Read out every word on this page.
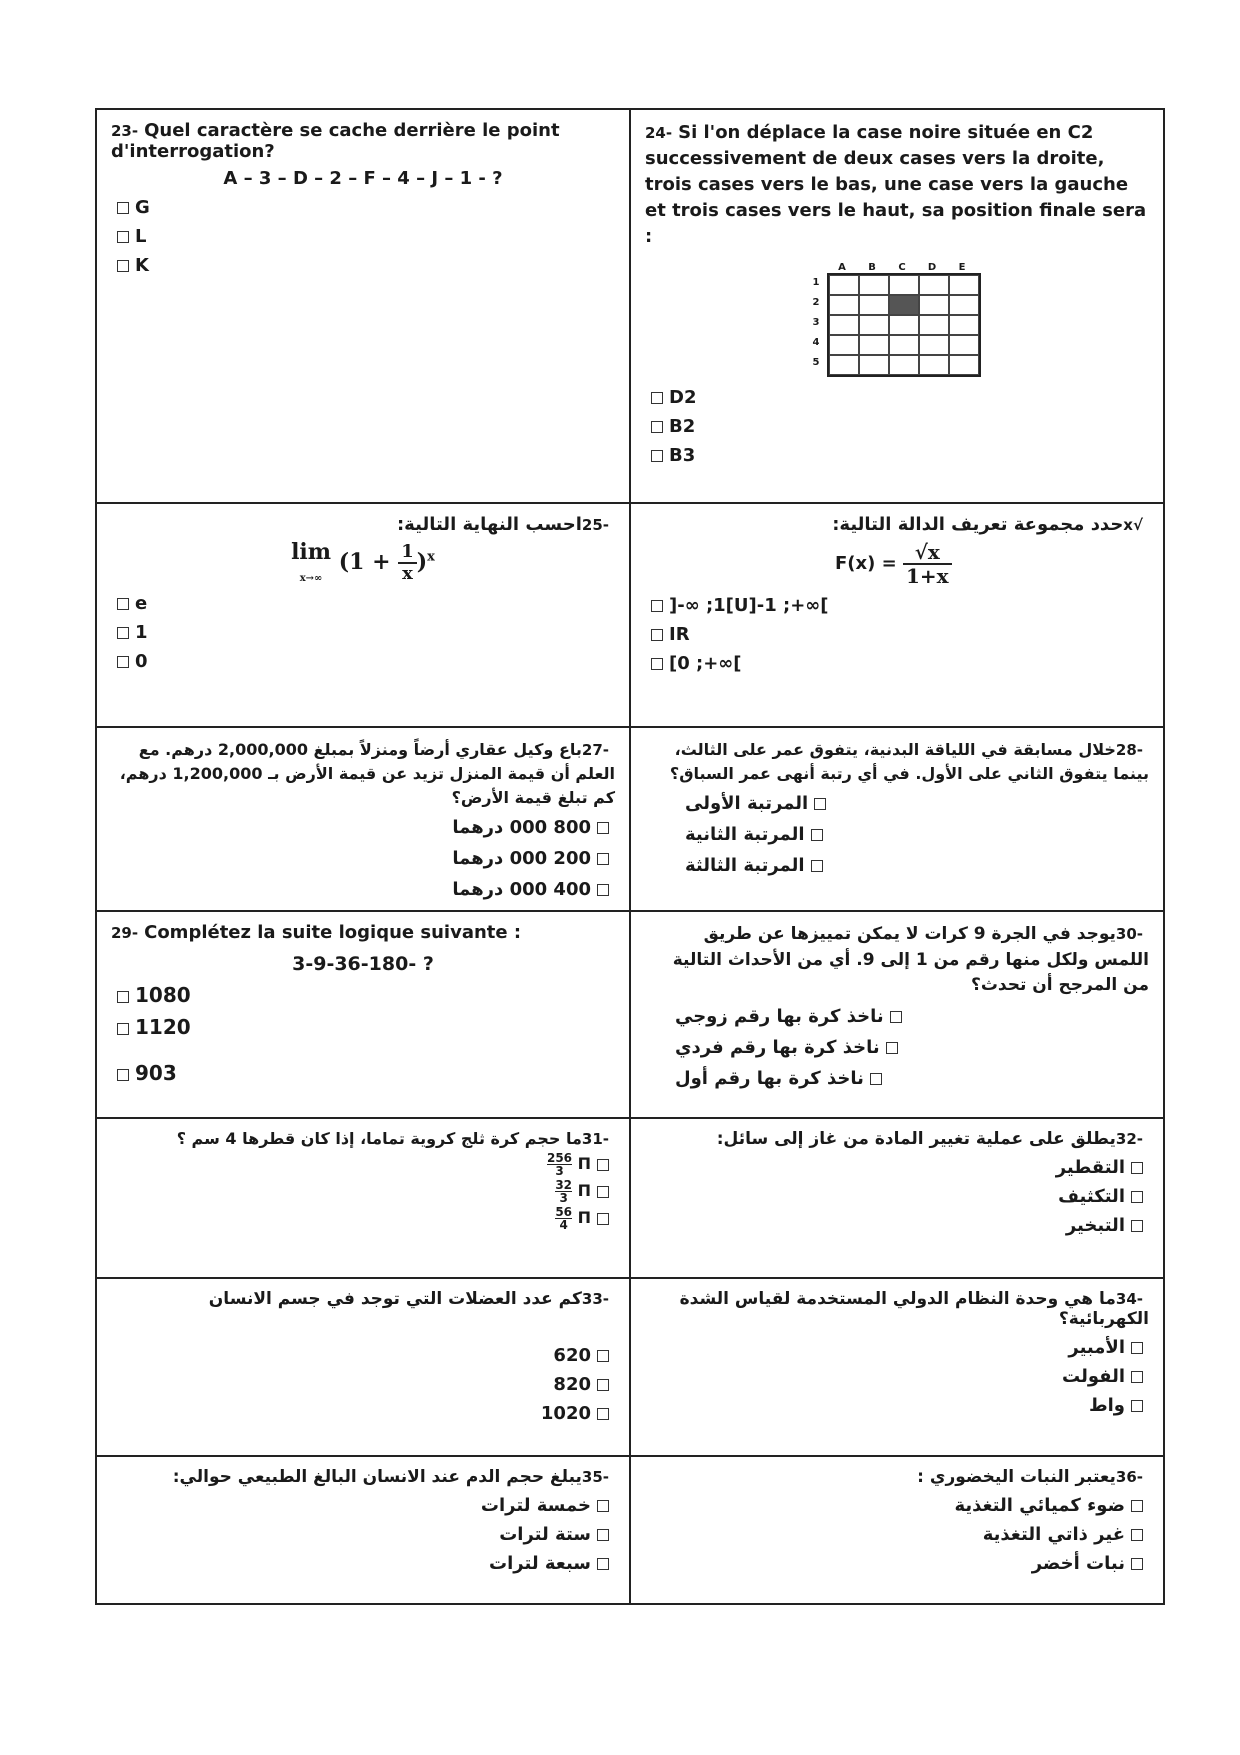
23- Quel caractère se cache derrière le point d'interrogation?
A – 3 – D – 2 – F – 4 – J – 1 - ?
G
L
K
24- Si l'on déplace la case noire située en C2 successivement de deux cases vers la droite, trois cases vers le bas, une case vers la gauche et trois cases vers le haut, sa position finale sera :
A	B	C	D	E
1
2
3
4
5
D2
B2
B3
-25احسب النهاية التالية:
lim
x→∞ $(1 + \frac{1}{x} )^x$
e
1
0
√xحدد مجموعة تعريف الدالة التالية:
$F(x) = \frac{√x}{1+x}$
]-∞ ;1[U]-1 ;+∞[
IR
[0 ;+∞[
-27باع وكيل عقاري أرضاً ومنزلاً بمبلغ 2,000,000 درهم. مع العلم أن قيمة المنزل تزيد عن قيمة الأرض بـ 1,200,000 درهم، كم تبلغ قيمة الأرض؟
800 000 درهما
200 000 درهما
400 000 درهما
-28خلال مسابقة في اللياقة البدنية، يتفوق عمر على الثالث، بينما يتفوق الثاني على الأول. في أي رتبة أنهى عمر السباق؟
المرتبة الأولى
المرتبة الثانية
المرتبة الثالثة
29- Complétez la suite logique suivante :
3-9-36-180- ?
1080
1120
903
-30يوجد في الجرة 9 كرات لا يمكن تمييزها عن طريق اللمس ولكل منها رقم من 1 إلى 9. أي من الأحداث التالية من المرجح أن تحدث؟
ناخذ كرة بها رقم زوجي
ناخذ كرة بها رقم فردي
ناخذ كرة بها رقم أول
-31ما حجم كرة ثلج كروية تماما، إذا كان قطرها 4 سم ؟
Π
$\frac{256}{3}$
Π
$\frac{32}{3}$
Π
$\frac{56}{4}$
-32يطلق على عملية تغيير المادة من غاز إلى سائل:
التقطير
التكثيف
التبخير
-33كم عدد العضلات التي توجد في جسم الانسان
620
820
1020
-34ما هي وحدة النظام الدولي المستخدمة لقياس الشدة الكهربائية؟
الأمبير
الفولت
واط
-35يبلغ حجم الدم عند الانسان البالغ الطبيعي حوالي:
خمسة لترات
ستة لترات
سبعة لترات
-36يعتبر النبات اليخضوري :
ضوء كميائي التغذية
غير ذاتي التغذية
نبات أخضر
